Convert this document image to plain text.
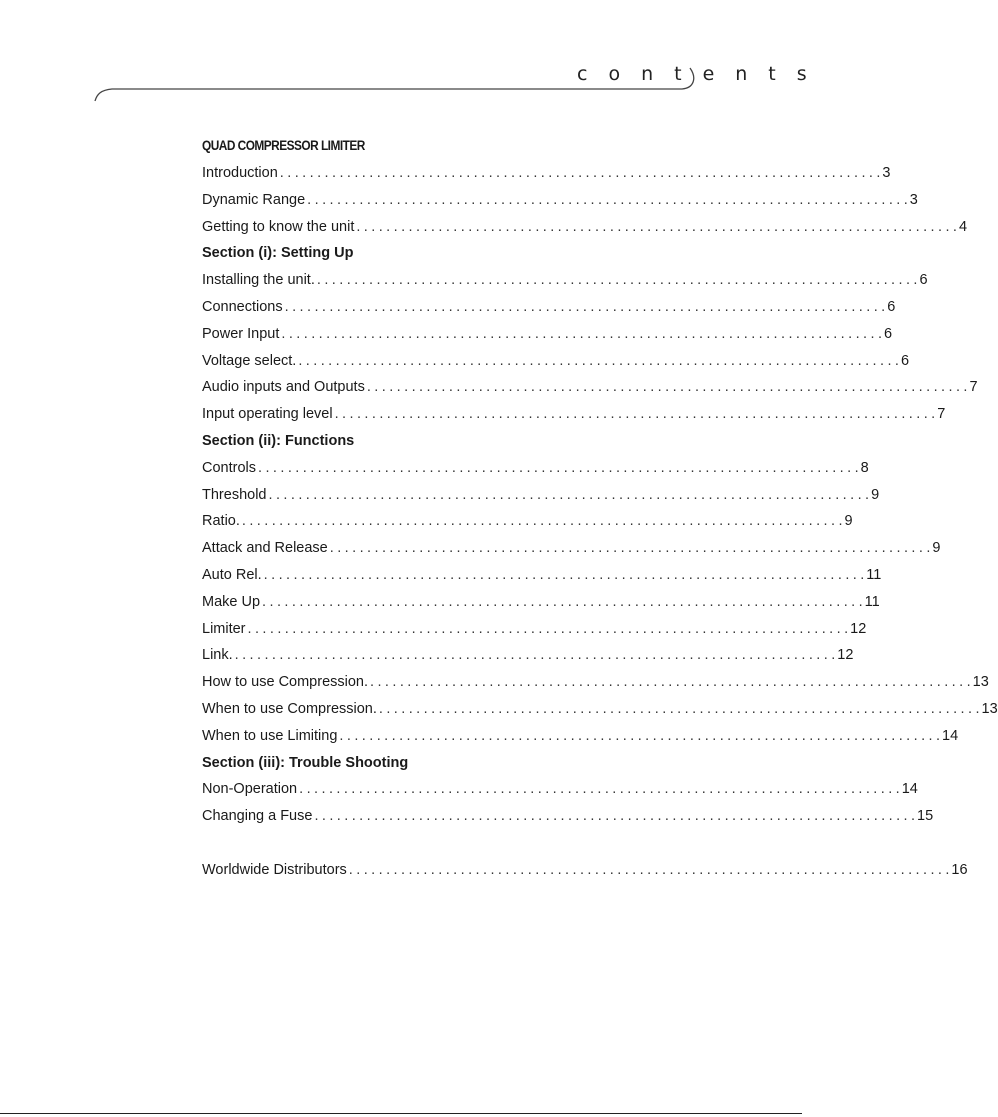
contents
QUAD COMPRESSOR LIMITER
Introduction . . .	3
Dynamic Range . . .	3
Getting to know the unit . . .	4
Section (i): Setting Up
Installing the unit. . . .	6
Connections . . .	6
Power Input . . .	6
Voltage select. . . .	6
Audio inputs and Outputs . . .	7
Input operating level . . .	7
Section (ii): Functions
Controls . . .	8
Threshold . . .	9
Ratio. . . .	9
Attack and Release . . .	9
Auto Rel. . . .	11
Make Up . . .	11
Limiter . . .	12
Link. . . .	12
How to use Compression. . . .	13
When to use Compression. . . .	13
When to use Limiting . . .	14
Section (iii): Trouble Shooting
Non-Operation . . .	14
Changing a Fuse . . .	15
Worldwide Distributors . . .	16
